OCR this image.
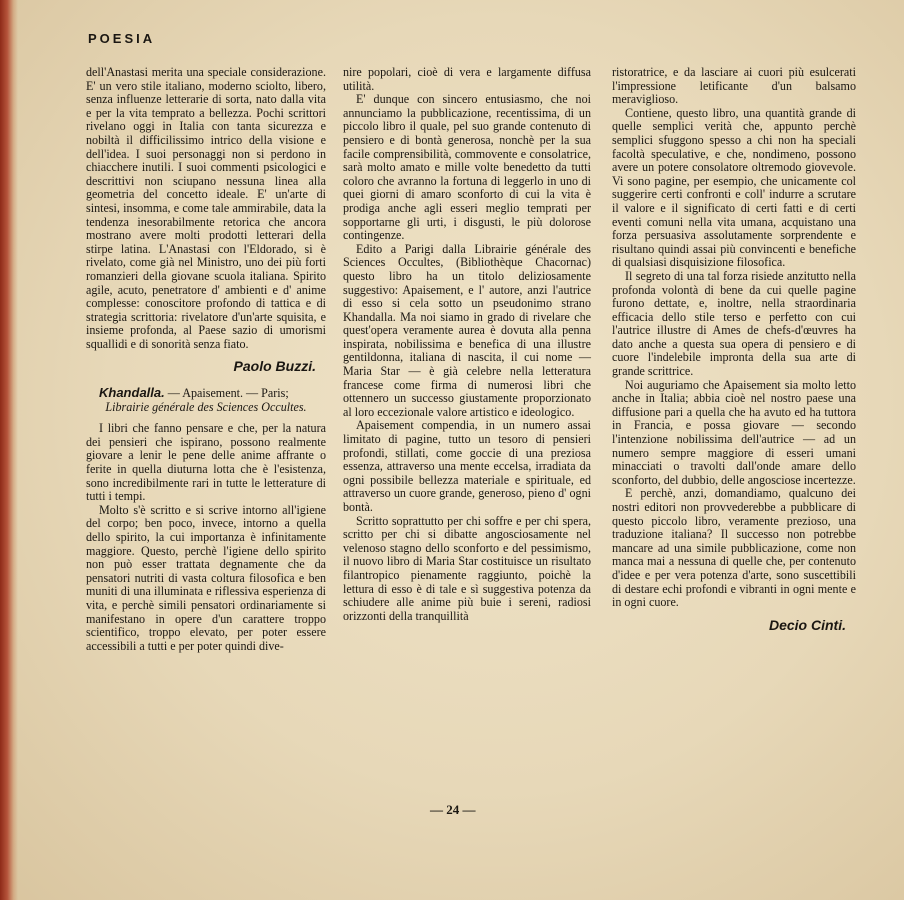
POESIA

dell'Anastasi merita una speciale considerazione. E' un vero stile italiano, moderno sciolto, libero, senza influenze letterarie di sorta, nato dalla vita e per la vita temprato a bellezza. Pochi scrittori rivelano oggi in Italia con tanta sicurezza e nobiltà il difficilissimo intrico della visione e dell'idea. I suoi personaggi non si perdono in chiacchere inutili. I suoi commenti psicologici e descrittivi non sciupano nessuna linea alla geometria del concetto ideale. E' un'arte di sintesi, insomma, e come tale ammirabile, data la tendenza inesorabilmente retorica che ancora mostrano avere molti prodotti letterari della stirpe latina. L'Anastasi con l'Eldorado, si è rivelato, come già nel Ministro, uno dei più forti romanzieri della giovane scuola italiana. Spirito agile, acuto, penetratore d' ambienti e d' anime complesse: conoscitore profondo di tattica e di strategia scrittoria: rivelatore d'un'arte squisita, e insieme profonda, al Paese sazio di umorismi squallidi e di sonorità senza fiato.

Paolo Buzzi.

Khandalla. — Apaisement. — Paris;

Librairie générale des Sciences Occultes.

I libri che fanno pensare e che, per la natura dei pensieri che ispirano, possono realmente giovare a lenir le pene delle anime affrante o ferite in quella diuturna lotta che è l'esistenza, sono incredibilmente rari in tutte le letterature di tutti i tempi.

Molto s'è scritto e si scrive intorno all'igiene del corpo; ben poco, invece, intorno a quella dello spirito, la cui importanza è infinitamente maggiore. Questo, perchè l'igiene dello spirito non può esser trattata degnamente che da pensatori nutriti di vasta coltura filosofica e ben muniti di una illuminata e riflessiva esperienza di vita, e perchè simili pensatori ordinariamente si manifestano in opere d'un carattere troppo scientifico, troppo elevato, per poter essere accessibili a tutti e per poter quindi dive-

nire popolari, cioè di vera e largamente diffusa utilità.

E' dunque con sincero entusiasmo, che noi annunciamo la pubblicazione, recentissima, di un piccolo libro il quale, pel suo grande contenuto di pensiero e di bontà generosa, nonchè per la sua facile comprensibilità, commovente e consolatrice, sarà molto amato e mille volte benedetto da tutti coloro che avranno la fortuna di leggerlo in uno di quei giorni di amaro sconforto di cui la vita è prodiga anche agli esseri meglio temprati per sopportarne gli urti, i disgusti, le più dolorose contingenze.

Edito a Parigi dalla Librairie générale des Sciences Occultes, (Bibliothèque Chacornac) questo libro ha un titolo deliziosamente suggestivo: Apaisement, e l' autore, anzi l'autrice di esso si cela sotto un pseudonimo strano Khandalla. Ma noi siamo in grado di rivelare che quest'opera veramente aurea è dovuta alla penna inspirata, nobilissima e benefica di una illustre gentildonna, italiana di nascita, il cui nome — Maria Star — è già celebre nella letteratura francese come firma di numerosi libri che ottennero un successo giustamente proporzionato al loro eccezionale valore artistico e ideologico.

Apaisement compendia, in un numero assai limitato di pagine, tutto un tesoro di pensieri profondi, stillati, come goccie di una preziosa essenza, attraverso una mente eccelsa, irradiata da ogni possibile bellezza materiale e spirituale, ed attraverso un cuore grande, generoso, pieno d' ogni bontà.

Scritto soprattutto per chi soffre e per chi spera, scritto per chi si dibatte angosciosamente nel velenoso stagno dello sconforto e del pessimismo, il nuovo libro di Maria Star costituisce un risultato filantropico pienamente raggiunto, poichè la lettura di esso è di tale e sì suggestiva potenza da schiudere alle anime più buie i sereni, radiosi orizzonti della tranquillità

ristoratrice, e da lasciare ai cuori più esulcerati l'impressione letificante d'un balsamo meraviglioso.

Contiene, questo libro, una quantità grande di quelle semplici verità che, appunto perchè semplici sfuggono spesso a chi non ha speciali facoltà speculative, e che, nondimeno, possono avere un potere consolatore oltremodo giovevole. Vi sono pagine, per esempio, che unicamente col suggerire certi confronti e coll' indurre a scrutare il valore e il significato di certi fatti e di certi eventi comuni nella vita umana, acquistano una forza persuasiva assolutamente sorprendente e risultano quindi assai più convincenti e benefiche di qualsiasi disquisizione filosofica.

Il segreto di una tal forza risiede anzitutto nella profonda volontà di bene da cui quelle pagine furono dettate, e, inoltre, nella straordinaria efficacia dello stile terso e perfetto con cui l'autrice illustre di Ames de chefs-d'œuvres ha dato anche a questa sua opera di pensiero e di cuore l'indelebile impronta della sua arte di grande scrittrice.

Noi auguriamo che Apaisement sia molto letto anche in Italia; abbia cioè nel nostro paese una diffusione pari a quella che ha avuto ed ha tuttora in Francia, e possa giovare — secondo l'intenzione nobilissima dell'autrice — ad un numero sempre maggiore di esseri umani minacciati o travolti dall'onde amare dello sconforto, del dubbio, delle angosciose incertezze.

E perchè, anzi, domandiamo, qualcuno dei nostri editori non provvederebbe a pubblicare di questo piccolo libro, veramente prezioso, una traduzione italiana? Il successo non potrebbe mancare ad una simile pubblicazione, come non manca mai a nessuna di quelle che, per contenuto d'idee e per vera potenza d'arte, sono suscettibili di destare echi profondi e vibranti in ogni mente e in ogni cuore.

Decio Cinti.
— 24 —
